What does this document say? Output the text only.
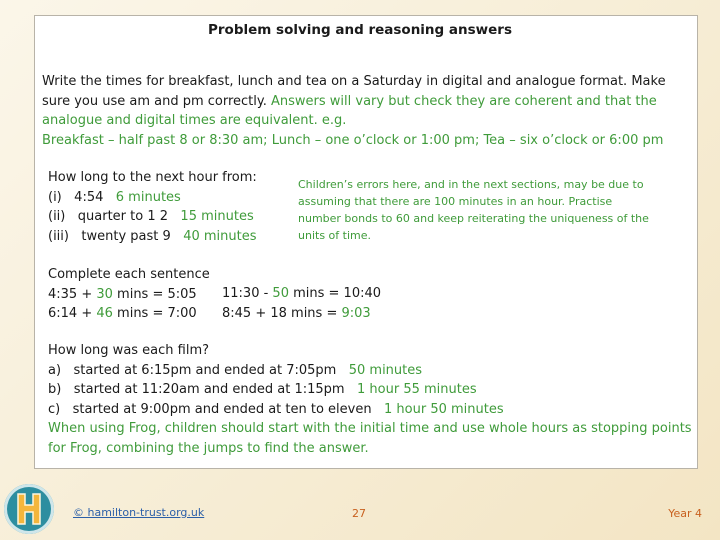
Problem solving and reasoning answers
Write the times for breakfast, lunch and tea on a Saturday in digital and analogue format. Make
sure you use am and pm correctly. Answers will vary but check they are coherent and that the
analogue and digital times are equivalent. e.g.
Breakfast – half past 8 or 8:30 am; Lunch – one o’clock or 1:00 pm; Tea – six o’clock or 6:00 pm
How long to the next hour from:
(i) 4:54 6 minutes
(ii) quarter to 1 2 15 minutes
(iii) twenty past 9 40 minutes
Children’s errors here, and in the next sections, may be due to assuming that there are 100 minutes in an hour. Practise number bonds to 60 and keep reiterating the uniqueness of the units of time.
Complete each sentence
4:35 + 30 mins = 5:05
6:14 + 46 mins = 7:00
11:30 - 50 mins = 10:40
8:45 + 18 mins = 9:03
How long was each film?
a) started at 6:15pm and ended at 7:05pm 50 minutes
b) started at 11:20am and ended at 1:15pm 1 hour 55 minutes
c) started at 9:00pm and ended at ten to eleven 1 hour 50 minutes
When using Frog, children should start with the initial time and use whole hours as stopping points
for Frog, combining the jumps to find the answer.
© hamilton-trust.org.uk	27	Year 4
